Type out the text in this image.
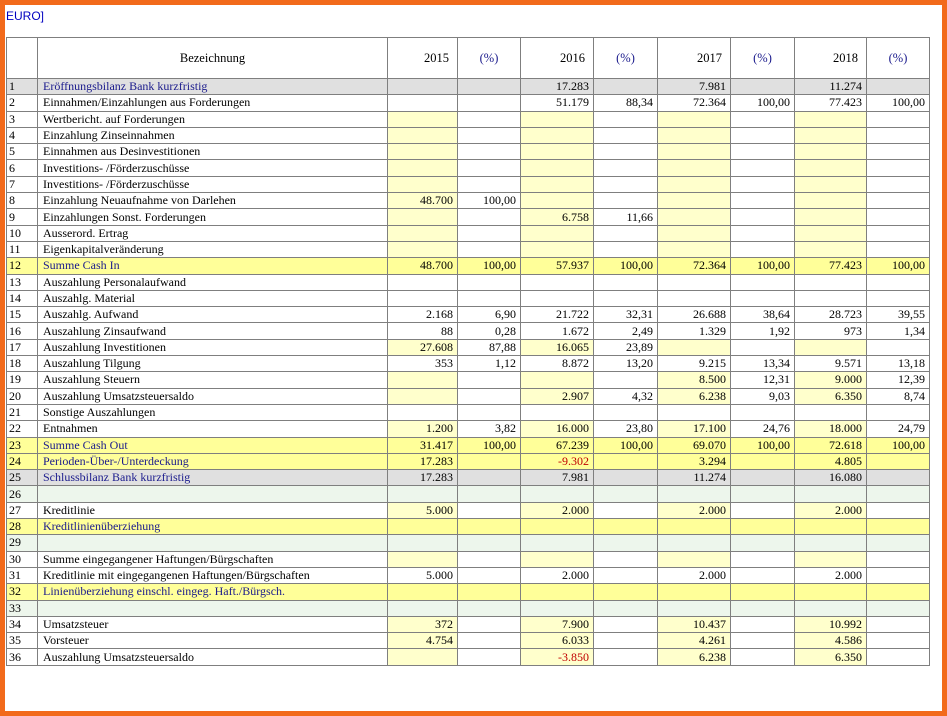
EURO]
	Bezeichnung	2015	(%)	2016	(%)	2017	(%)	2018	(%)
1	Eröffnungsbilanz Bank kurzfristig			17.283		7.981		11.274	
2	Einnahmen/Einzahlungen aus Forderungen			51.179	88,34	72.364	100,00	77.423	100,00
3	Wertbericht. auf Forderungen								
4	Einzahlung Zinseinnahmen								
5	Einnahmen aus Desinvestitionen								
6	Investitions- /Förderzuschüsse								
7	Investitions- /Förderzuschüsse								
8	Einzahlung Neuaufnahme von Darlehen	48.700	100,00						
9	Einzahlungen Sonst. Forderungen			6.758	11,66				
10	Ausserord. Ertrag								
11	Eigenkapitalveränderung								
12	Summe Cash In	48.700	100,00	57.937	100,00	72.364	100,00	77.423	100,00
13	Auszahlung Personalaufwand								
14	Auszahlg. Material								
15	Auszahlg. Aufwand	2.168	6,90	21.722	32,31	26.688	38,64	28.723	39,55
16	Auszahlung Zinsaufwand	88	0,28	1.672	2,49	1.329	1,92	973	1,34
17	Auszahlung Investitionen	27.608	87,88	16.065	23,89				
18	Auszahlung Tilgung	353	1,12	8.872	13,20	9.215	13,34	9.571	13,18
19	Auszahlung Steuern					8.500	12,31	9.000	12,39
20	Auszahlung Umsatzsteuersaldo			2.907	4,32	6.238	9,03	6.350	8,74
21	Sonstige Auszahlungen								
22	Entnahmen	1.200	3,82	16.000	23,80	17.100	24,76	18.000	24,79
23	Summe Cash Out	31.417	100,00	67.239	100,00	69.070	100,00	72.618	100,00
24	Perioden-Über-/Unterdeckung	17.283		-9.302		3.294		4.805	
25	Schlussbilanz Bank kurzfristig	17.283		7.981		11.274		16.080	
26									
27	Kreditlinie	5.000		2.000		2.000		2.000	
28	Kreditlinienüberziehung								
29									
30	Summe eingegangener Haftungen/Bürgschaften								
31	Kreditlinie mit eingegangenen Haftungen/Bürgschaften	5.000		2.000		2.000		2.000	
32	Linienüberziehung einschl. eingeg. Haft./Bürgsch.								
33									
34	Umsatzsteuer	372		7.900		10.437		10.992	
35	Vorsteuer	4.754		6.033		4.261		4.586	
36	Auszahlung Umsatzsteuersaldo			-3.850		6.238		6.350	
